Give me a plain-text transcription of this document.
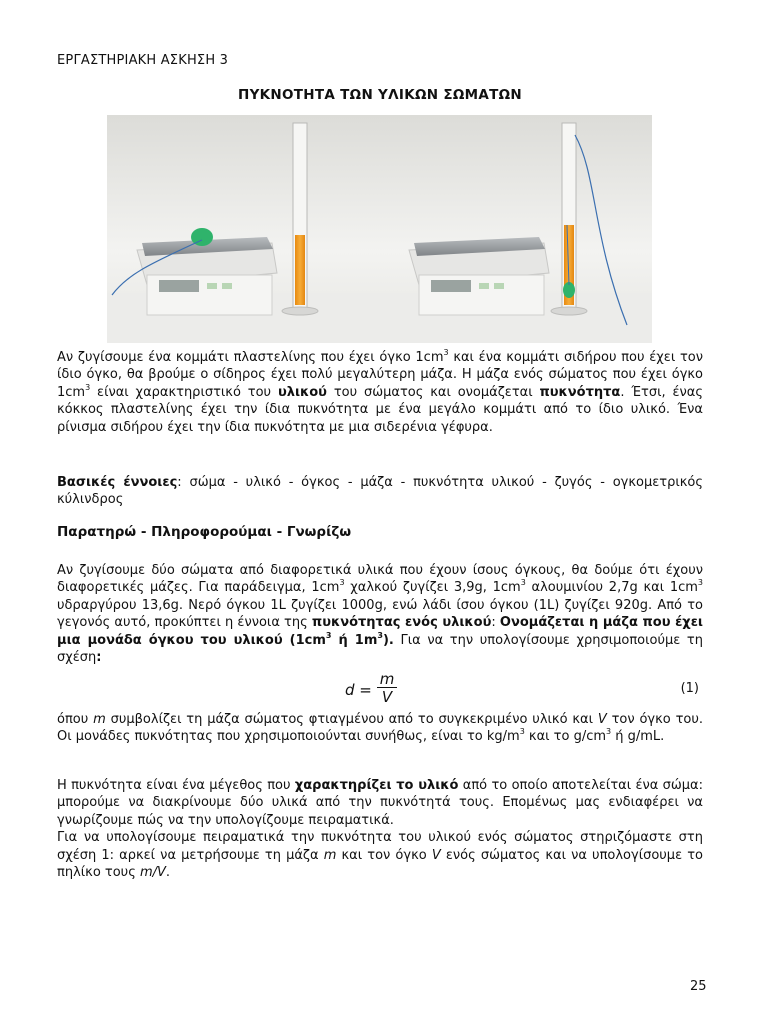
ΕΡΓΑΣΤΗΡΙΑΚΗ ΑΣΚΗΣΗ 3
ΠΥΚΝΟΤΗΤΑ ΤΩΝ ΥΛΙΚΩΝ ΣΩΜΑΤΩΝ
Αν ζυγίσουμε ένα κομμάτι πλαστελίνης που έχει όγκο $1cm^3$ και ένα κομμάτι σιδήρου που έχει τον ίδιο όγκο, θα βρούμε ο σίδηρος έχει πολύ μεγαλύτερη μάζα. Η μάζα ενός σώματος που έχει όγκο $1cm^3$ είναι χαρακτηριστικό του υλικού του σώματος και ονομάζεται πυκνότητα. Έτσι, ένας κόκκος πλαστελίνης έχει την ίδια πυκνότητα με ένα μεγάλο κομμάτι από το ίδιο υλικό. Ένα ρίνισμα σιδήρου έχει την ίδια πυκνότητα με μια σιδερένια γέφυρα.
Βασικές έννοιες: σώμα - υλικό - όγκος - μάζα - πυκνότητα υλικού - ζυγός - ογκομετρικός κύλινδρος
Παρατηρώ - Πληροφορούμαι - Γνωρίζω
Αν ζυγίσουμε δύο σώματα από διαφορετικά υλικά που έχουν ίσους όγκους, θα δούμε ότι έχουν διαφορετικές μάζες. Για παράδειγμα, $1cm^3$ χαλκού ζυγίζει 3,9g, $1cm^3$ αλουμινίου 2,7g και $1cm^3$ υδραργύρου 13,6g. Νερό όγκου 1L ζυγίζει 1000g, ενώ λάδι ίσου όγκου (1L) ζυγίζει 920g. Από το γεγονός αυτό, προκύπτει η έννοια της πυκνότητας ενός υλικού: Ονομάζεται η μάζα που έχει μια μονάδα όγκου του υλικού ($1cm^3$ ή $1m^3$). Για να την υπολογίσουμε χρησιμοποιούμε τη σχέση:
$d = \frac{m}{V}$	(1)
όπου m συμβολίζει τη μάζα σώματος φτιαγμένου από το συγκεκριμένο υλικό και V τον όγκο του. Οι μονάδες πυκνότητας που χρησιμοποιούνται συνήθως, είναι το $kg/m^3$ και το $g/cm^3$ ή g/mL.
Η πυκνότητα είναι ένα μέγεθος που χαρακτηρίζει το υλικό από το οποίο αποτελείται ένα σώμα: μπορούμε να διακρίνουμε δύο υλικά από την πυκνότητά τους. Επομένως μας ενδιαφέρει να γνωρίζουμε πώς να την υπολογίζουμε πειραματικά.
Για να υπολογίσουμε πειραματικά την πυκνότητα του υλικού ενός σώματος στηριζόμαστε στη σχέση 1: αρκεί να μετρήσουμε τη μάζα m και τον όγκο V ενός σώματος και να υπολογίσουμε το πηλίκο τους m/V.
25
